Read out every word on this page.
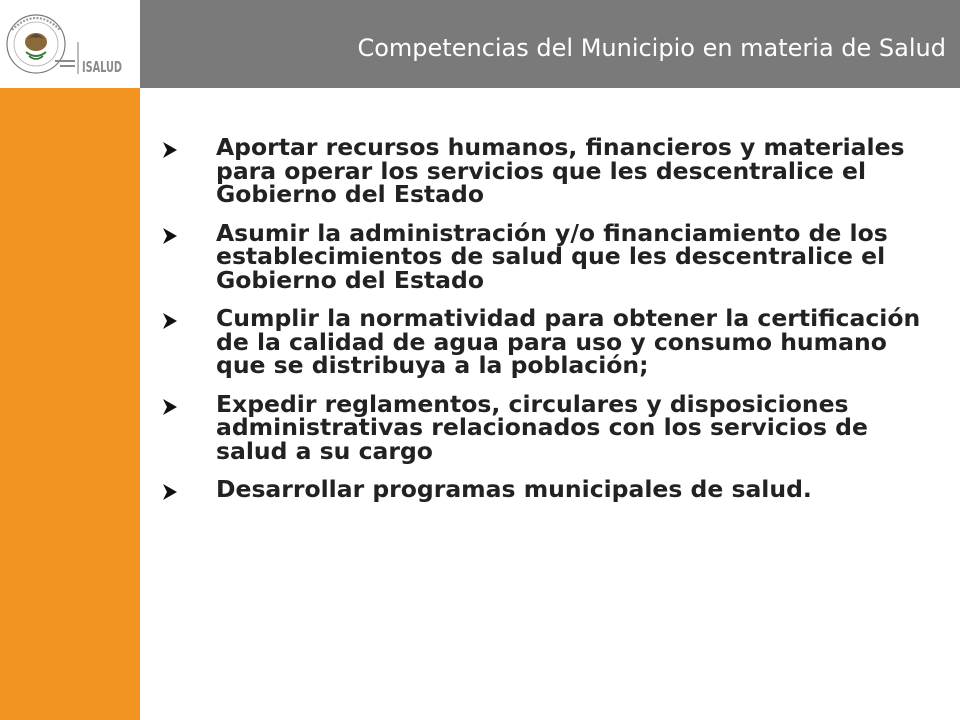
ISALUD
Competencias del Municipio en materia de Salud
Aportar recursos humanos, financieros y materiales para operar los servicios que les descentralice el Gobierno del Estado
Asumir la administración y/o financiamiento de los establecimientos de salud que les descentralice el Gobierno del Estado
Cumplir la normatividad para obtener la certificación de la calidad de agua para uso y consumo humano que se distribuya a la población;
Expedir reglamentos, circulares y disposiciones administrativas relacionados con los servicios de salud a su cargo
Desarrollar programas municipales de salud.
